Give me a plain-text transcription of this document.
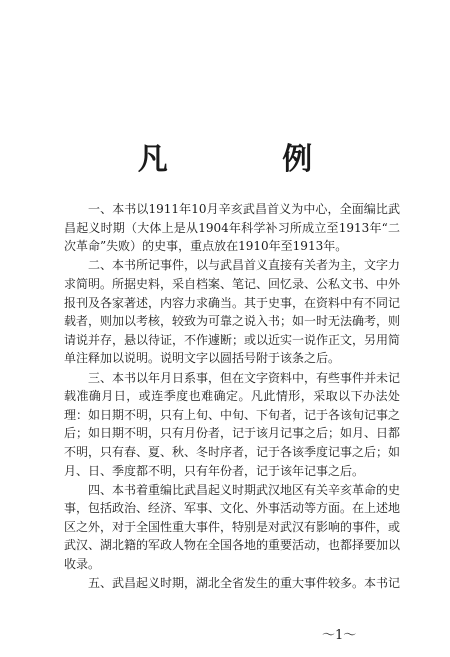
凡 例

一、本书以1911年10月辛亥武昌首义为中心，全面编比武昌起义时期（大体上是从1904年科学补习所成立至1913年“二次革命”失败）的史事，重点放在1910年至1913年。

二、本书所记事件，以与武昌首义直接有关者为主，文字力求简明。所据史料，采自档案、笔记、回忆录、公私文书、中外报刊及各家著述，内容力求确当。其于史事，在资料中有不同记载者，则加以考核，较致为可靠之说入书；如一时无法确考，则请说并存，悬以待证，不作遽断；或以近实一说作正文，另用简单注释加以说明。说明文字以圆括号附于该条之后。

三、本书以年月日系事，但在文字资料中，有些事件并未记载准确月日，或连季度也难确定。凡此情形，采取以下办法处理：如日期不明，只有上旬、中旬、下旬者，记于各该旬记事之后；如日期不明，只有月份者，记于该月记事之后；如月、日都不明，只有春、夏、秋、冬时序者，记于各该季度记事之后；如月、日、季度都不明，只有年份者，记于该年记事之后。

四、本书着重编比武昌起义时期武汉地区有关辛亥革命的史事，包括政治、经济、军事、文化、外事活动等方面。在上述地区之外，对于全国性重大事件，特别是对武汉有影响的事件，或武汉、湖北籍的军政人物在全国各地的重要活动，也都择要加以收录。

五、武昌起义时期，湖北全省发生的重大事件较多。本书记

～1～
